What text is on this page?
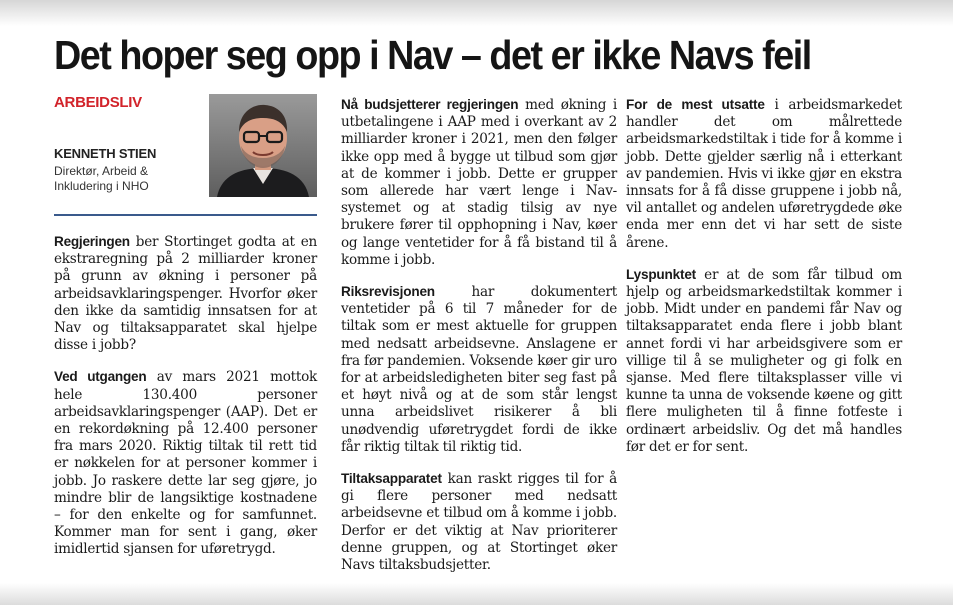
Det hoper seg opp i Nav – det er ikke Navs feil
ARBEIDSLIV
KENNETH STIEN
Direktør, Arbeid &
Inkludering i NHO

Regjeringen ber Stortinget godta at en ekstraregning på 2 milliarder kroner på grunn av økning i personer på arbeidsavklaringspenger. Hvorfor øker den ikke da samtidig innsatsen for at Nav og tiltaksapparatet skal hjelpe disse i jobb?

Ved utgangen av mars 2021 mottok hele 130.400 personer arbeidsavklaringspenger (AAP). Det er en rekordøkning på 12.400 personer fra mars 2020. Riktig tiltak til rett tid er nøkkelen for at personer kommer i jobb. Jo raskere dette lar seg gjøre, jo mindre blir de langsiktige kostnadene – for den enkelte og for samfunnet. Kommer man for sent i gang, øker imidlertid sjansen for uføretrygd.

Nå budsjetterer regjeringen med økning i utbetalingene i AAP med i overkant av 2 milliarder kroner i 2021, men den følger ikke opp med å bygge ut tilbud som gjør at de kommer i jobb. Dette er grupper som allerede har vært lenge i Nav-systemet og at stadig tilsig av nye brukere fører til opphopning i Nav, køer og lange ventetider for å få bistand til å komme i jobb.

Riksrevisjonen har dokumentert ventetider på 6 til 7 måneder for de tiltak som er mest aktuelle for gruppen med nedsatt arbeidsevne. Anslagene er fra før pandemien. Voksende køer gir uro for at arbeidsledigheten biter seg fast på et høyt nivå og at de som står lengst unna arbeidslivet risikerer å bli unødvendig uføretrygdet fordi de ikke får riktig tiltak til riktig tid.

Tiltaksapparatet kan raskt rigges til for å gi flere personer med nedsatt arbeidsevne et tilbud om å komme i jobb. Derfor er det viktig at Nav prioriterer denne gruppen, og at Stortinget øker Navs tiltaksbudsjetter.

For de mest utsatte i arbeidsmarkedet handler det om målrettede arbeidsmarkedstiltak i tide for å komme i jobb. Dette gjelder særlig nå i etterkant av pandemien. Hvis vi ikke gjør en ekstra innsats for å få disse gruppene i jobb nå, vil antallet og andelen uføretrygdede øke enda mer enn det vi har sett de siste årene.

Lyspunktet er at de som får tilbud om hjelp og arbeidsmarkedstiltak kommer i jobb. Midt under en pandemi får Nav og tiltaksapparatet enda flere i jobb blant annet fordi vi har arbeidsgivere som er villige til å se muligheter og gi folk en sjanse. Med flere tiltaksplasser ville vi kunne ta unna de voksende køene og gitt flere muligheten til å finne fotfeste i ordinært arbeidsliv. Og det må handles før det er for sent.
